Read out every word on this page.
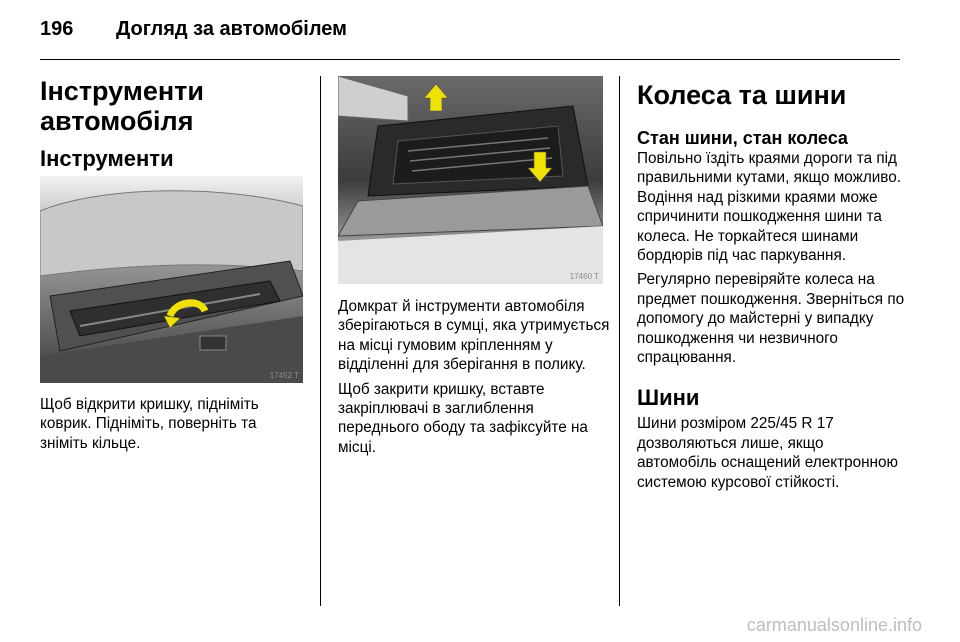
196 Догляд за автомобілем
Інструменти автомобіля
Інструменти
17452 T

Щоб відкрити кришку, підніміть коврик. Підніміть, поверніть та зніміть кільце.

17460 T

Домкрат й інструменти автомобіля зберігаються в сумці, яка утримується на місці гумовим кріпленням у відділенні для зберігання в полику.

Щоб закрити кришку, вставте закріплювачі в заглиблення переднього ободу та зафіксуйте на місці.

Колеса та шини
Стан шини, стан колеса

Повільно їздіть краями дороги та під правильними кутами, якщо можливо. Водіння над різкими краями може спричинити пошкодження шини та колеса. Не торкайтеся шинами бордюрів під час паркування.

Регулярно перевіряйте колеса на предмет пошкодження. Зверніться по допомогу до майстерні у випадку пошкодження чи незвичного спрацювання.

Шини

Шини розміром 225/45 R 17 дозволяються лише, якщо автомобіль оснащений електронною системою курсової стійкості.

carmanualsonline.info
